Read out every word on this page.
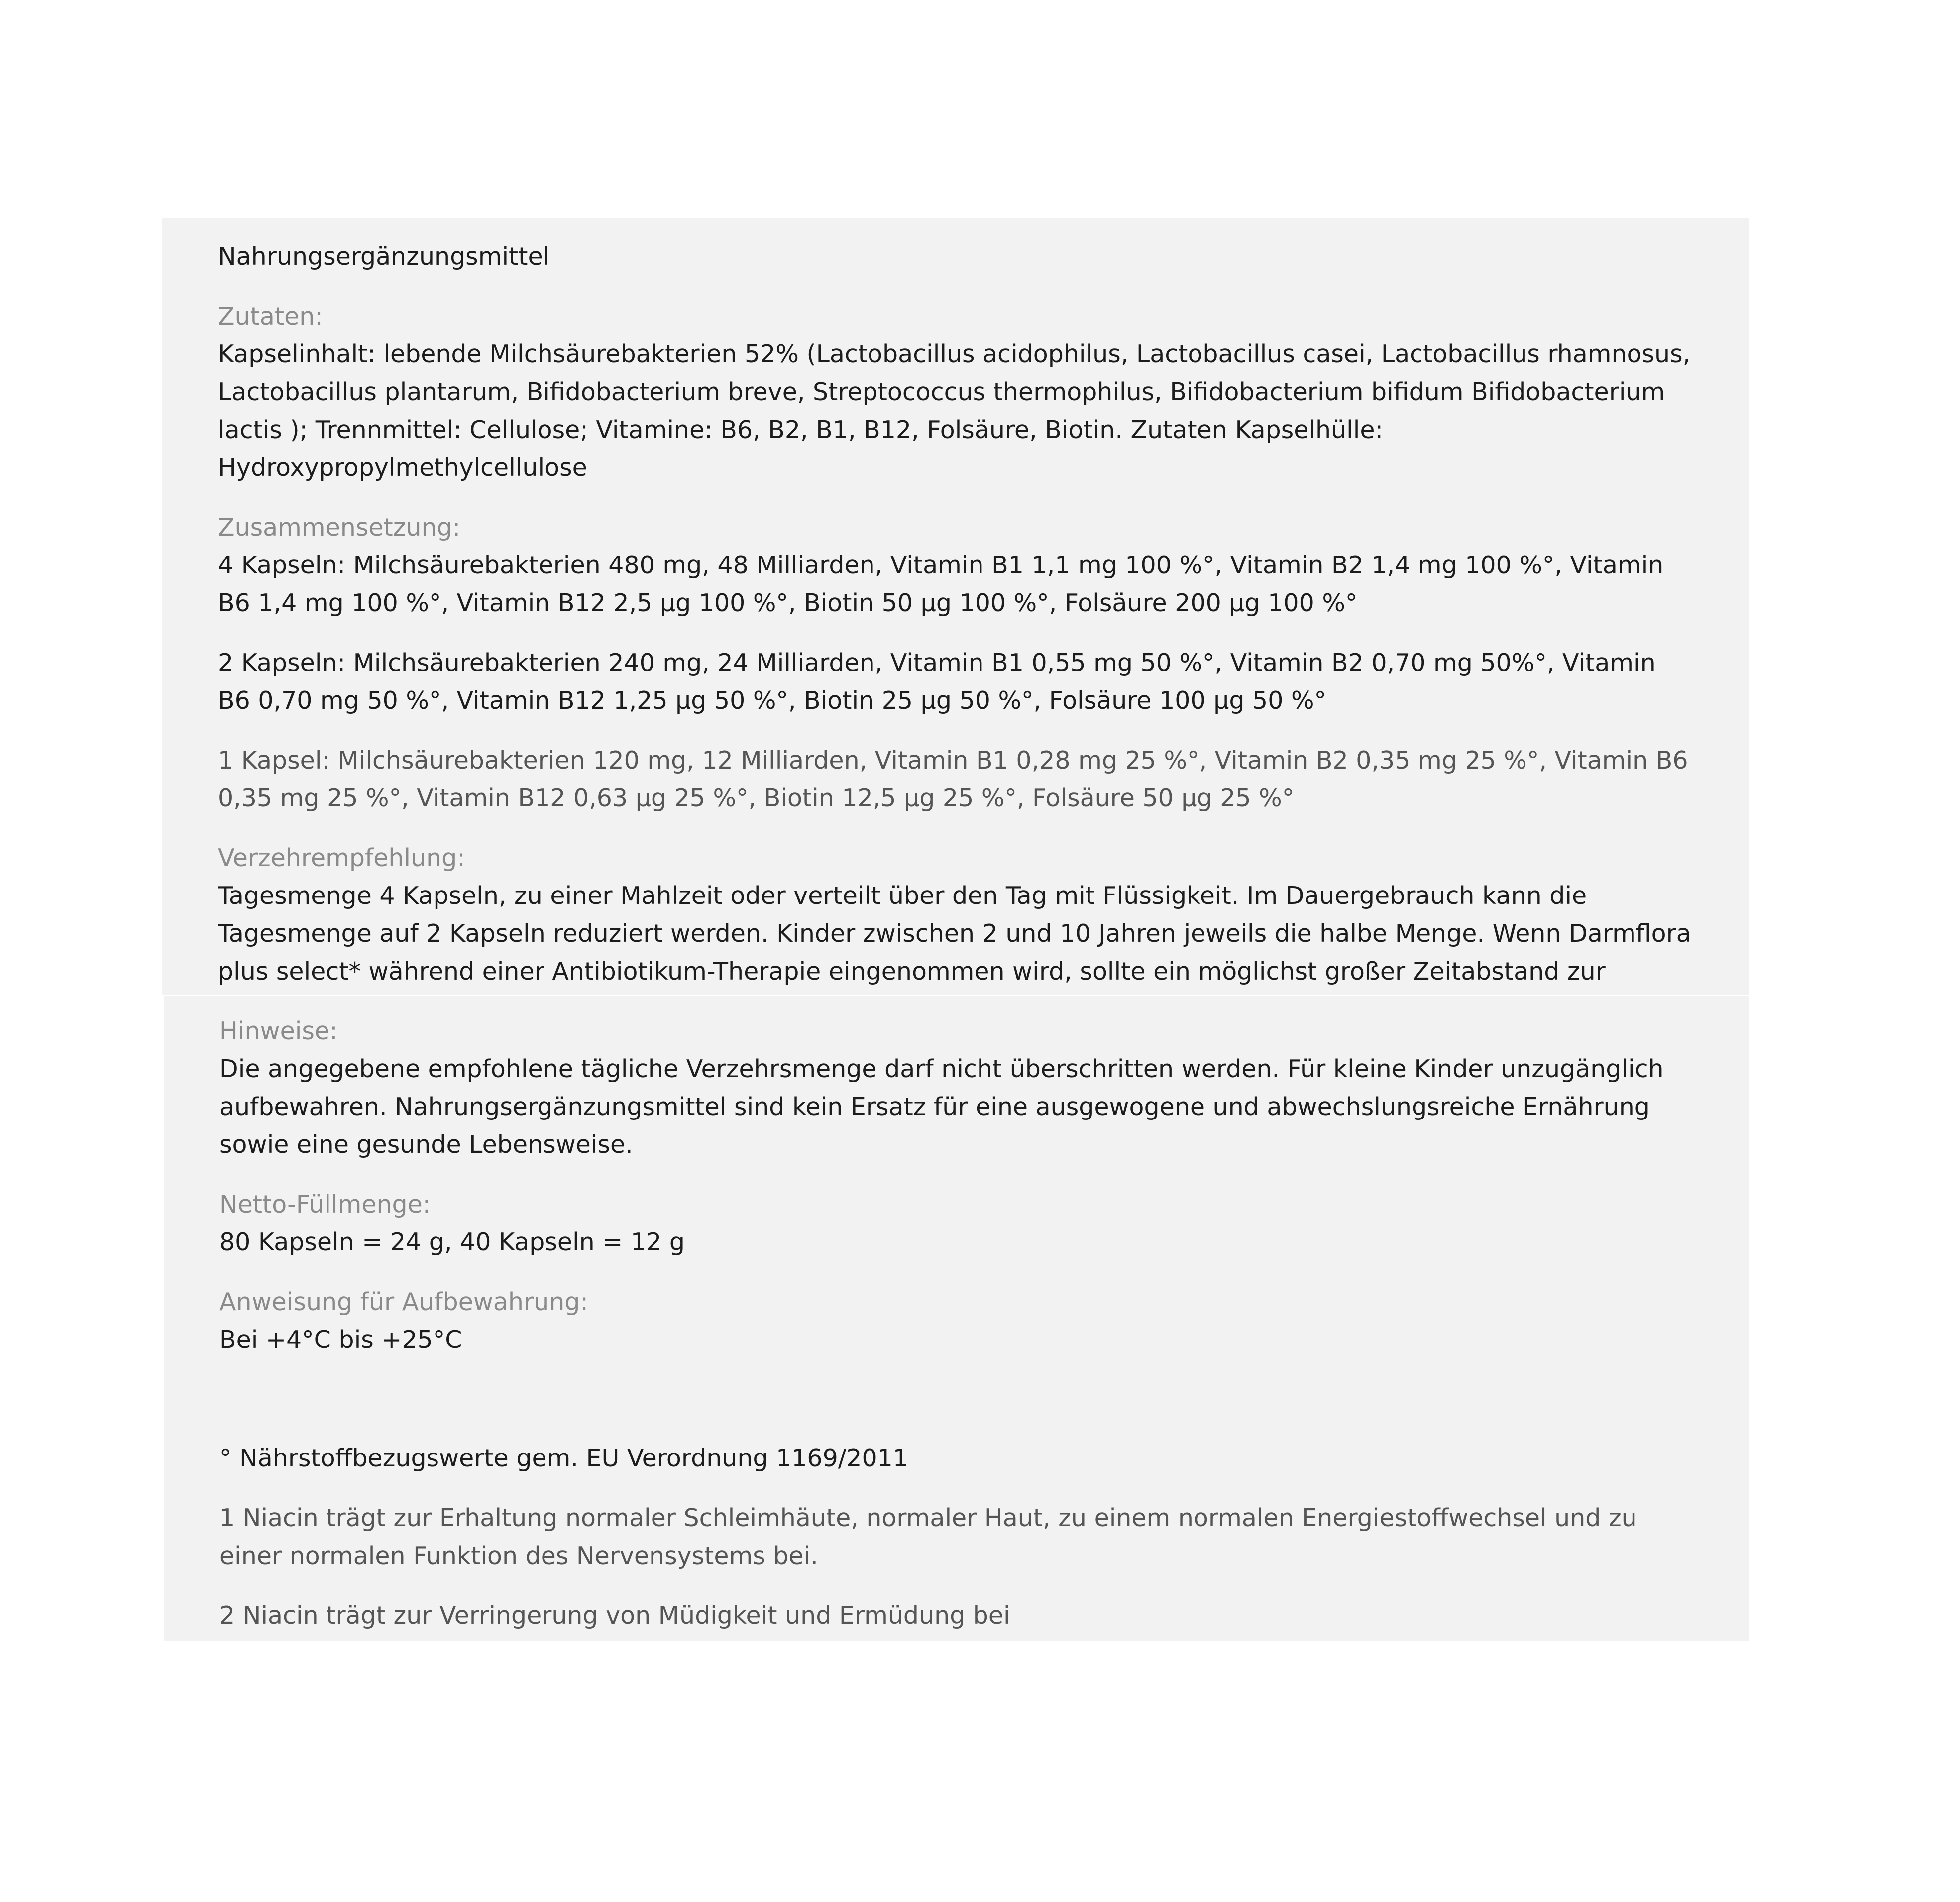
Nahrungsergänzungsmittel

Zutaten:

Kapselinhalt: lebende Milchsäurebakterien 52% (Lactobacillus acidophilus, Lactobacillus casei, Lactobacillus rhamnosus, Lactobacillus plantarum, Bifidobacterium breve, Streptococcus thermophilus, Bifidobacterium bifidum Bifidobacterium lactis ); Trennmittel: Cellulose; Vitamine: B6, B2, B1, B12, Folsäure, Biotin. Zutaten Kapselhülle: Hydroxypropylmethylcellulose

Zusammensetzung:

4 Kapseln: Milchsäurebakterien 480 mg, 48 Milliarden, Vitamin B1 1,1 mg 100 %°, Vitamin B2 1,4 mg 100 %°, Vitamin B6 1,4 mg 100 %°, Vitamin B12 2,5 µg 100 %°, Biotin 50 µg 100 %°, Folsäure 200 µg 100 %°

2 Kapseln: Milchsäurebakterien 240 mg, 24 Milliarden, Vitamin B1 0,55 mg 50 %°, Vitamin B2 0,70 mg 50%°, Vitamin B6 0,70 mg 50 %°, Vitamin B12 1,25 µg 50 %°, Biotin 25 µg 50 %°, Folsäure 100 µg 50 %°

1 Kapsel: Milchsäurebakterien 120 mg, 12 Milliarden, Vitamin B1 0,28 mg 25 %°, Vitamin B2 0,35 mg 25 %°, Vitamin B6 0,35 mg 25 %°, Vitamin B12 0,63 µg 25 %°, Biotin 12,5 µg 25 %°, Folsäure 50 µg 25 %°

Verzehrempfehlung:

Tagesmenge 4 Kapseln, zu einer Mahlzeit oder verteilt über den Tag mit Flüssigkeit. Im Dauergebrauch kann die Tagesmenge auf 2 Kapseln reduziert werden. Kinder zwischen 2 und 10 Jahren jeweils die halbe Menge. Wenn Darmflora plus select* während einer Antibiotikum-Therapie eingenommen wird, sollte ein möglichst großer Zeitabstand zur

Hinweise:

Die angegebene empfohlene tägliche Verzehrsmenge darf nicht überschritten werden. Für kleine Kinder unzugänglich aufbewahren. Nahrungsergänzungsmittel sind kein Ersatz für eine ausgewogene und abwechslungsreiche Ernährung sowie eine gesunde Lebensweise.

Netto-Füllmenge:

80 Kapseln = 24 g, 40 Kapseln = 12 g

Anweisung für Aufbewahrung:

Bei +4°C bis +25°C

° Nährstoffbezugswerte gem. EU Verordnung 1169/2011

1 Niacin trägt zur Erhaltung normaler Schleimhäute, normaler Haut, zu einem normalen Energiestoffwechsel und zu einer normalen Funktion des Nervensystems bei.

2 Niacin trägt zur Verringerung von Müdigkeit und Ermüdung bei
